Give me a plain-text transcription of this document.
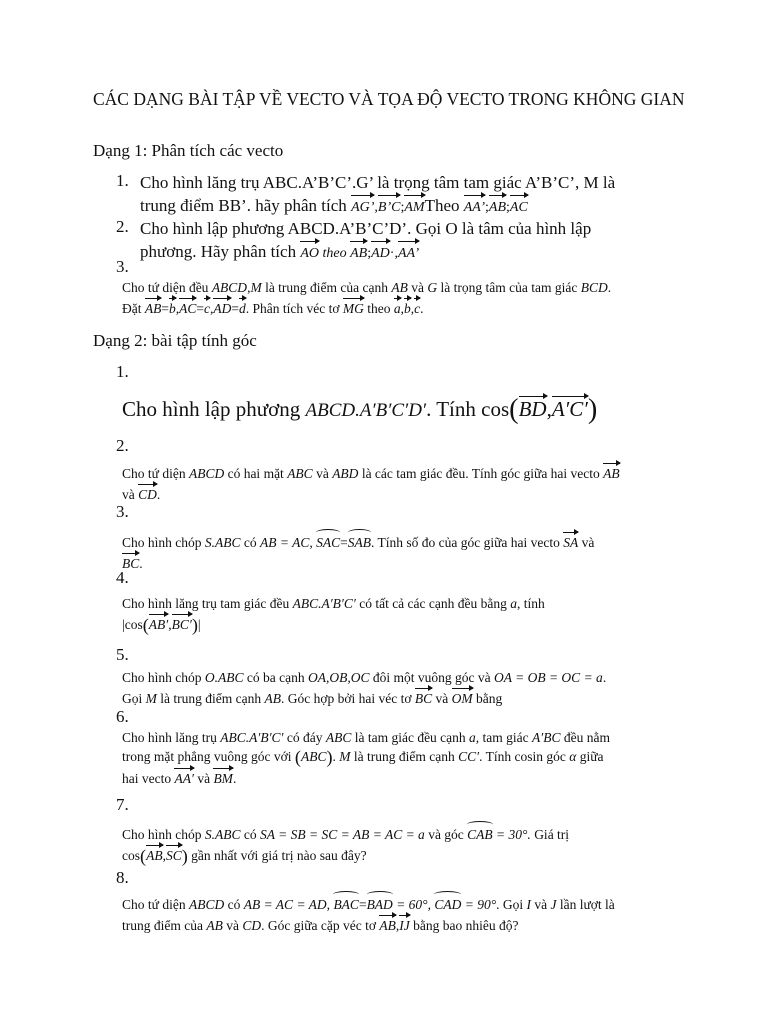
CÁC DẠNG BÀI TẬP VỀ VECTO VÀ TỌA ĐỘ VECTO TRONG KHÔNG GIAN
Dạng 1: Phân tích các vecto
1. Cho hình lăng trụ ABC.A’B’C’.G’ là trọng tâm tam giác A’B’C’, M là
trung điểm BB’. hãy phân tích AG’,B’C;AMTheo AA’;AB;AC
2. Cho hình lập phương ABCD.A’B’C’D’. Gọi O là tâm của hình lập
phương. Hãy phân tích AO theo AB;AD·,AA’
3.
Cho tứ diện đều ABCD,M là trung điểm của cạnh AB và G là trọng tâm của tam giác BCD.
Đặt AB=b,AC=c,AD=d. Phân tích véc tơ MG theo a,b,c.
Dạng 2: bài tập tính góc
1.
Cho hình lập phương ABCD.A′B′C′D′. Tính cos(BD,A′C′)
2.
Cho tứ diện ABCD có hai mặt ABC và ABD là các tam giác đều. Tính góc giữa hai vecto AB
và CD.
3.
Cho hình chóp S.ABC có AB = AC, SAC=SAB. Tính số đo của góc giữa hai vecto SA và
BC.
4.
Cho hình lăng trụ tam giác đều ABC.A′B′C′ có tất cả các cạnh đều bằng a, tính
|cos(AB′,BC′)|
5.
Cho hình chóp O.ABC có ba cạnh OA,OB,OC đôi một vuông góc và OA = OB = OC = a.
Gọi M là trung điểm cạnh AB. Góc hợp bởi hai véc tơ BC và OM bằng
6.
Cho hình lăng trụ ABC.A′B′C′ có đáy ABC là tam giác đều cạnh a, tam giác A′BC đều nằm
trong mặt phẳng vuông góc với (ABC). M là trung điểm cạnh CC′. Tính cosin góc α giữa
hai vecto AA′ và BM.
7.
Cho hình chóp S.ABC có SA = SB = SC = AB = AC = a và góc CAB = 30°. Giá trị
cos(AB,SC) gần nhất với giá trị nào sau đây?
8.
Cho tứ diện ABCD có AB = AC = AD, BAC=BAD = 60°, CAD = 90°. Gọi I và J lần lượt là
trung điểm của AB và CD. Góc giữa cặp véc tơ AB,IJ bằng bao nhiêu độ?
